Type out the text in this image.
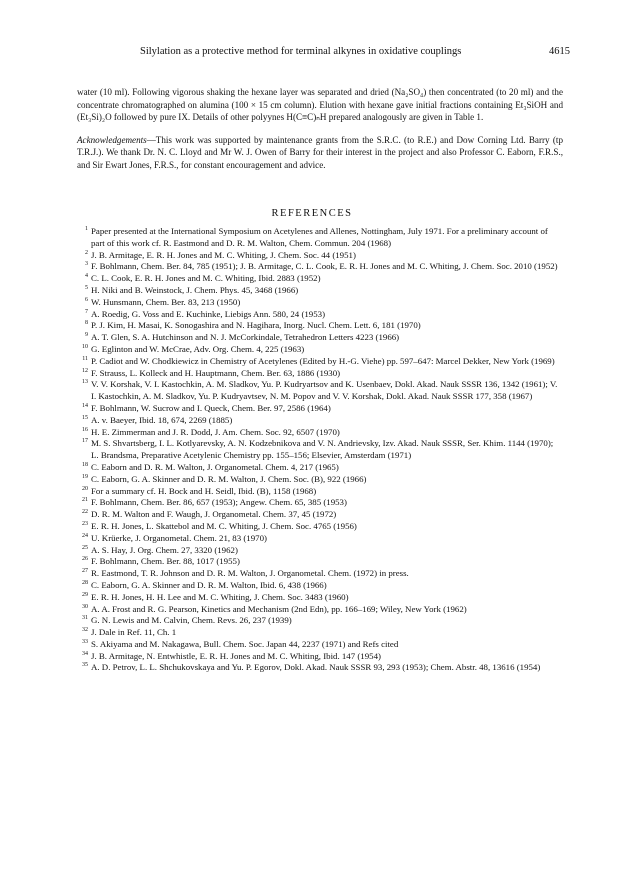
Silylation as a protective method for terminal alkynes in oxidative couplings	4615

water (10 ml). Following vigorous shaking the hexane layer was separated and dried (Na₂SO₄) then concentrated (to 20 ml) and the concentrate chromatographed on alumina (100 × 15 cm column). Elution with hexane gave initial fractions containing Et₃SiOH and (Et₃Si)₂O followed by pure IX. Details of other polyynes H(C≡C)ₙH prepared analogously are given in Table 1.

Acknowledgements—This work was supported by maintenance grants from the S.R.C. (to R.E.) and Dow Corning Ltd. Barry (tp T.R.J.). We thank Dr. N. C. Lloyd and Mr W. J. Owen of Barry for their interest in the project and also Professor C. Eaborn, F.R.S., and Sir Ewart Jones, F.R.S., for constant encouragement and advice.

REFERENCES
1 Paper presented at the International Symposium on Acetylenes and Allenes, Nottingham, July 1971. For a preliminary account of part of this work cf. R. Eastmond and D. R. M. Walton, Chem. Commun. 204 (1968)
2 J. B. Armitage, E. R. H. Jones and M. C. Whiting, J. Chem. Soc. 44 (1951)
3 F. Bohlmann, Chem. Ber. 84, 785 (1951); J. B. Armitage, C. L. Cook, E. R. H. Jones and M. C. Whiting, J. Chem. Soc. 2010 (1952)
4 C. L. Cook, E. R. H. Jones and M. C. Whiting, Ibid. 2883 (1952)
5 H. Niki and B. Weinstock, J. Chem. Phys. 45, 3468 (1966)
6 W. Hunsmann, Chem. Ber. 83, 213 (1950)
7 A. Roedig, G. Voss and E. Kuchinke, Liebigs Ann. 580, 24 (1953)
8 P. J. Kim, H. Masai, K. Sonogashira and N. Hagihara, Inorg. Nucl. Chem. Lett. 6, 181 (1970)
9 A. T. Glen, S. A. Hutchinson and N. J. McCorkindale, Tetrahedron Letters 4223 (1966)
10 G. Eglinton and W. McCrae, Adv. Org. Chem. 4, 225 (1963)
11 P. Cadiot and W. Chodkiewicz in Chemistry of Acetylenes (Edited by H.-G. Viehe) pp. 597–647: Marcel Dekker, New York (1969)
12 F. Strauss, L. Kolleck and H. Hauptmann, Chem. Ber. 63, 1886 (1930)
13 V. V. Korshak, V. I. Kastochkin, A. M. Sladkov, Yu. P. Kudryartsov and K. Usenbaev, Dokl. Akad. Nauk SSSR 136, 1342 (1961); V. I. Kastochkin, A. M. Sladkov, Yu. P. Kudryavtsev, N. M. Popov and V. V. Korshak, Dokl. Akad. Nauk SSSR 177, 358 (1967)
14 F. Bohlmann, W. Sucrow and I. Queck, Chem. Ber. 97, 2586 (1964)
15 A. v. Baeyer, Ibid. 18, 674, 2269 (1885)
16 H. E. Zimmerman and J. R. Dodd, J. Am. Chem. Soc. 92, 6507 (1970)
17 M. S. Shvartsberg, I. L. Kotlyarevsky, A. N. Kodzebnikova and V. N. Andrievsky, Izv. Akad. Nauk SSSR, Ser. Khim. 1144 (1970); L. Brandsma, Preparative Acetylenic Chemistry pp. 155–156; Elsevier, Amsterdam (1971)
18 C. Eaborn and D. R. M. Walton, J. Organometal. Chem. 4, 217 (1965)
19 C. Eaborn, G. A. Skinner and D. R. M. Walton, J. Chem. Soc. (B), 922 (1966)
20 For a summary cf. H. Bock and H. Seidl, Ibid. (B), 1158 (1968)
21 F. Bohlmann, Chem. Ber. 86, 657 (1953); Angew. Chem. 65, 385 (1953)
22 D. R. M. Walton and F. Waugh, J. Organometal. Chem. 37, 45 (1972)
23 E. R. H. Jones, L. Skattebol and M. C. Whiting, J. Chem. Soc. 4765 (1956)
24 U. Krüerke, J. Organometal. Chem. 21, 83 (1970)
25 A. S. Hay, J. Org. Chem. 27, 3320 (1962)
26 F. Bohlmann, Chem. Ber. 88, 1017 (1955)
27 R. Eastmond, T. R. Johnson and D. R. M. Walton, J. Organometal. Chem. (1972) in press.
28 C. Eaborn, G. A. Skinner and D. R. M. Walton, Ibid. 6, 438 (1966)
29 E. R. H. Jones, H. H. Lee and M. C. Whiting, J. Chem. Soc. 3483 (1960)
30 A. A. Frost and R. G. Pearson, Kinetics and Mechanism (2nd Edn), pp. 166–169; Wiley, New York (1962)
31 G. N. Lewis and M. Calvin, Chem. Revs. 26, 237 (1939)
32 J. Dale in Ref. 11, Ch. 1
33 S. Akiyama and M. Nakagawa, Bull. Chem. Soc. Japan 44, 2237 (1971) and Refs cited
34 J. B. Armitage, N. Entwhistle, E. R. H. Jones and M. C. Whiting, Ibid. 147 (1954)
35 A. D. Petrov, L. L. Shchukovskaya and Yu. P. Egorov, Dokl. Akad. Nauk SSSR 93, 293 (1953); Chem. Abstr. 48, 13616 (1954)
